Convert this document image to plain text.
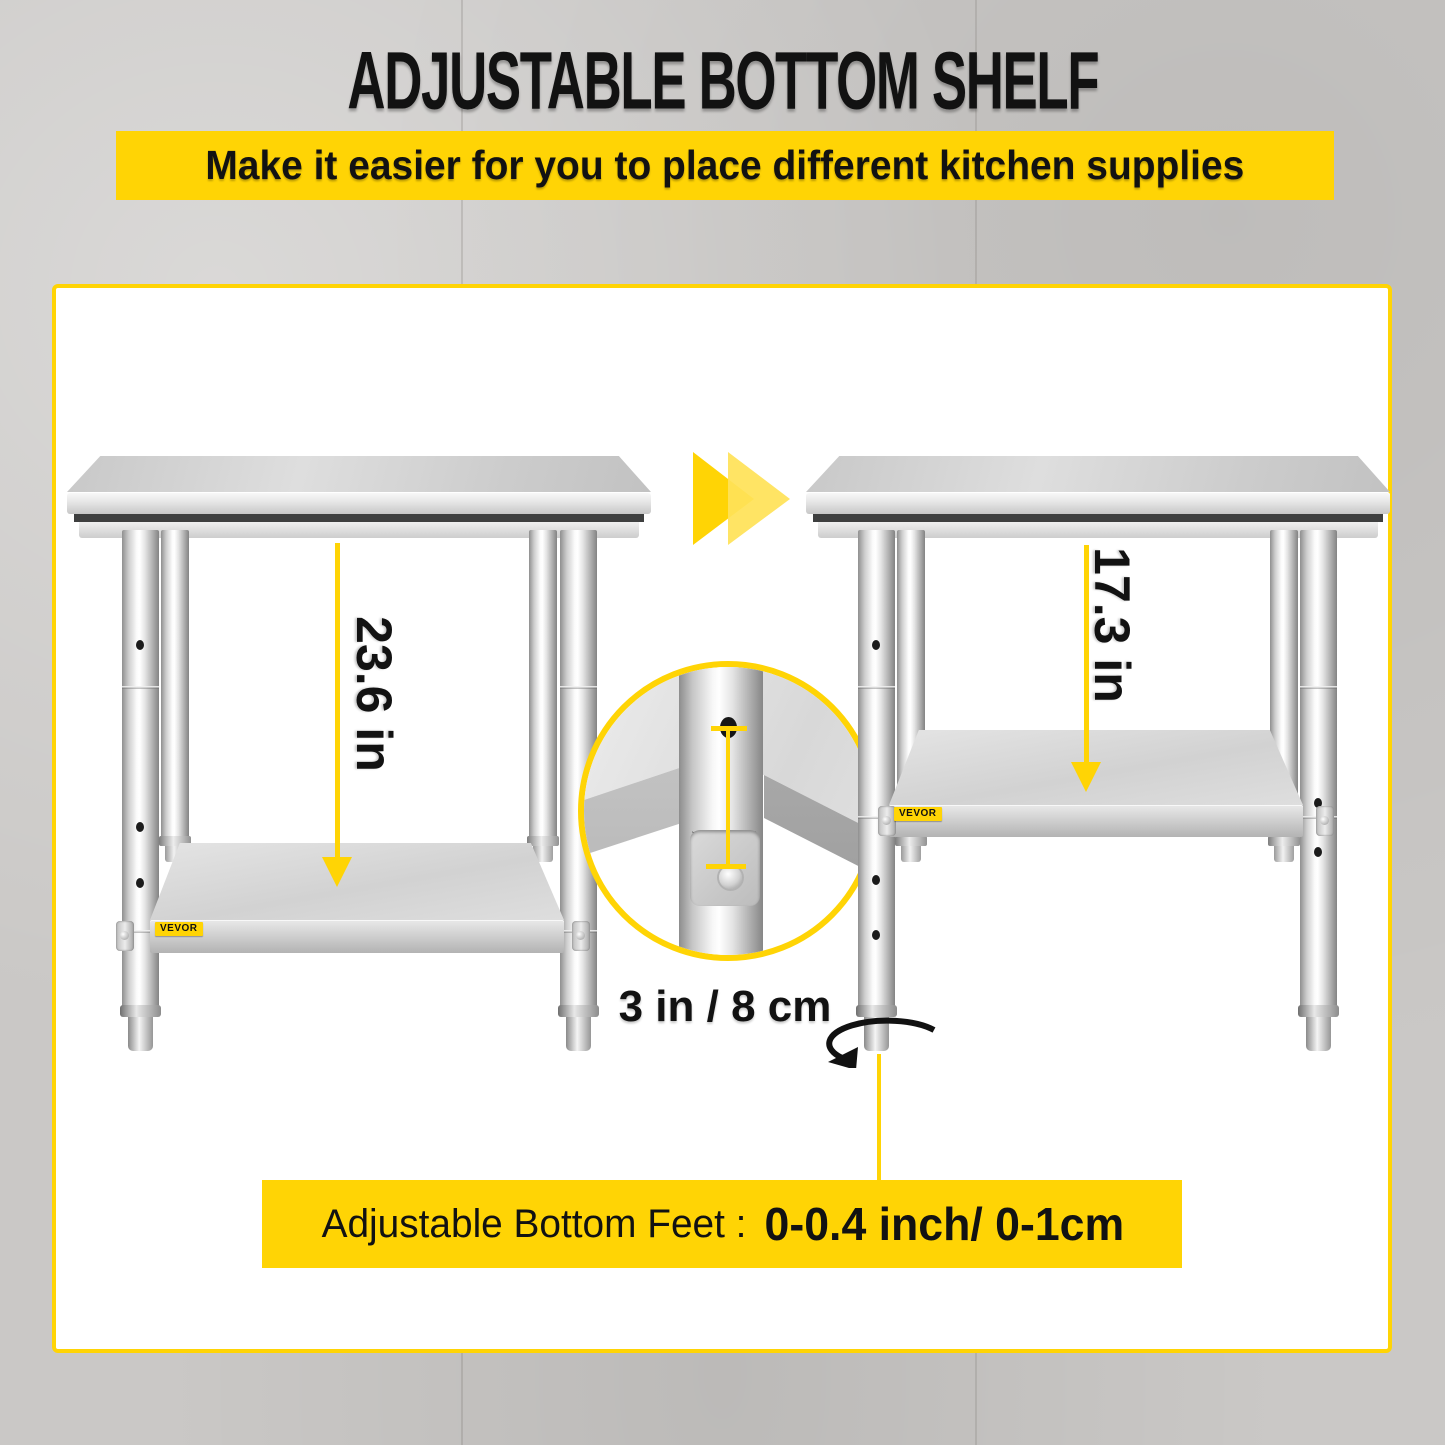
ADJUSTABLE BOTTOM SHELF
Make it easier for you to place different kitchen supplies
VEVOR
23.6 in
3 in / 8 cm
VEVOR
17.3 in
Adjustable Bottom Feet : 0-0.4 inch/ 0-1cm
